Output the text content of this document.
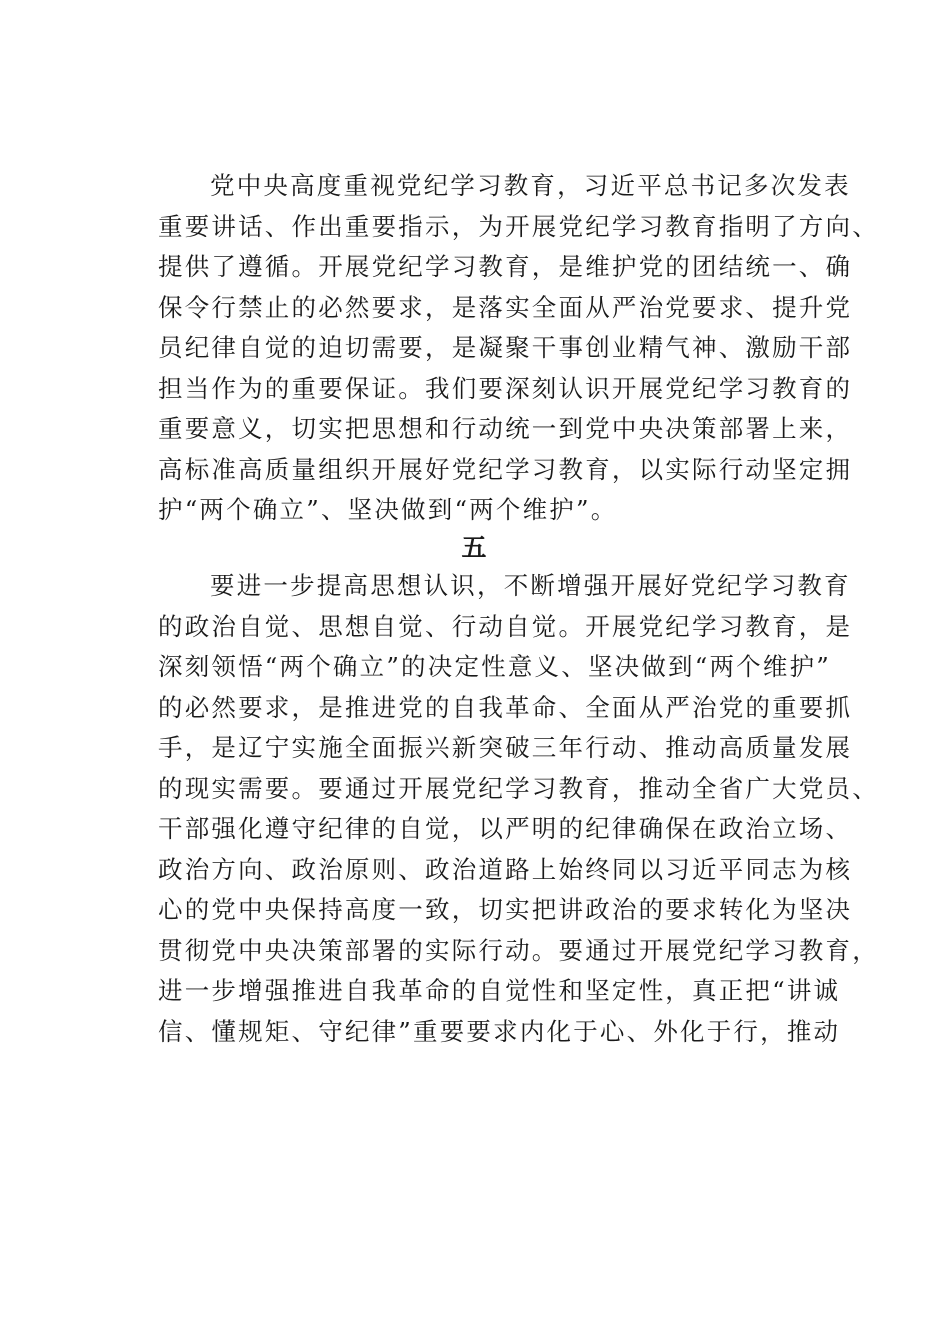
党中央高度重视党纪学习教育，习近平总书记多次发表
重要讲话、作出重要指示，为开展党纪学习教育指明了方向、
提供了遵循。开展党纪学习教育，是维护党的团结统一、确
保令行禁止的必然要求，是落实全面从严治党要求、提升党
员纪律自觉的迫切需要，是凝聚干事创业精气神、激励干部
担当作为的重要保证。我们要深刻认识开展党纪学习教育的
重要意义，切实把思想和行动统一到党中央决策部署上来，
高标准高质量组织开展好党纪学习教育，以实际行动坚定拥
护“两个确立”、坚决做到“两个维护”。

五

要进一步提高思想认识，不断增强开展好党纪学习教育
的政治自觉、思想自觉、行动自觉。开展党纪学习教育，是
深刻领悟“两个确立”的决定性意义、坚决做到“两个维护”
的必然要求，是推进党的自我革命、全面从严治党的重要抓
手，是辽宁实施全面振兴新突破三年行动、推动高质量发展
的现实需要。要通过开展党纪学习教育，推动全省广大党员、
干部强化遵守纪律的自觉，以严明的纪律确保在政治立场、
政治方向、政治原则、政治道路上始终同以习近平同志为核
心的党中央保持高度一致，切实把讲政治的要求转化为坚决
贯彻党中央决策部署的实际行动。要通过开展党纪学习教育，
进一步增强推进自我革命的自觉性和坚定性，真正把“讲诚
信、懂规矩、守纪律”重要要求内化于心、外化于行，推动
